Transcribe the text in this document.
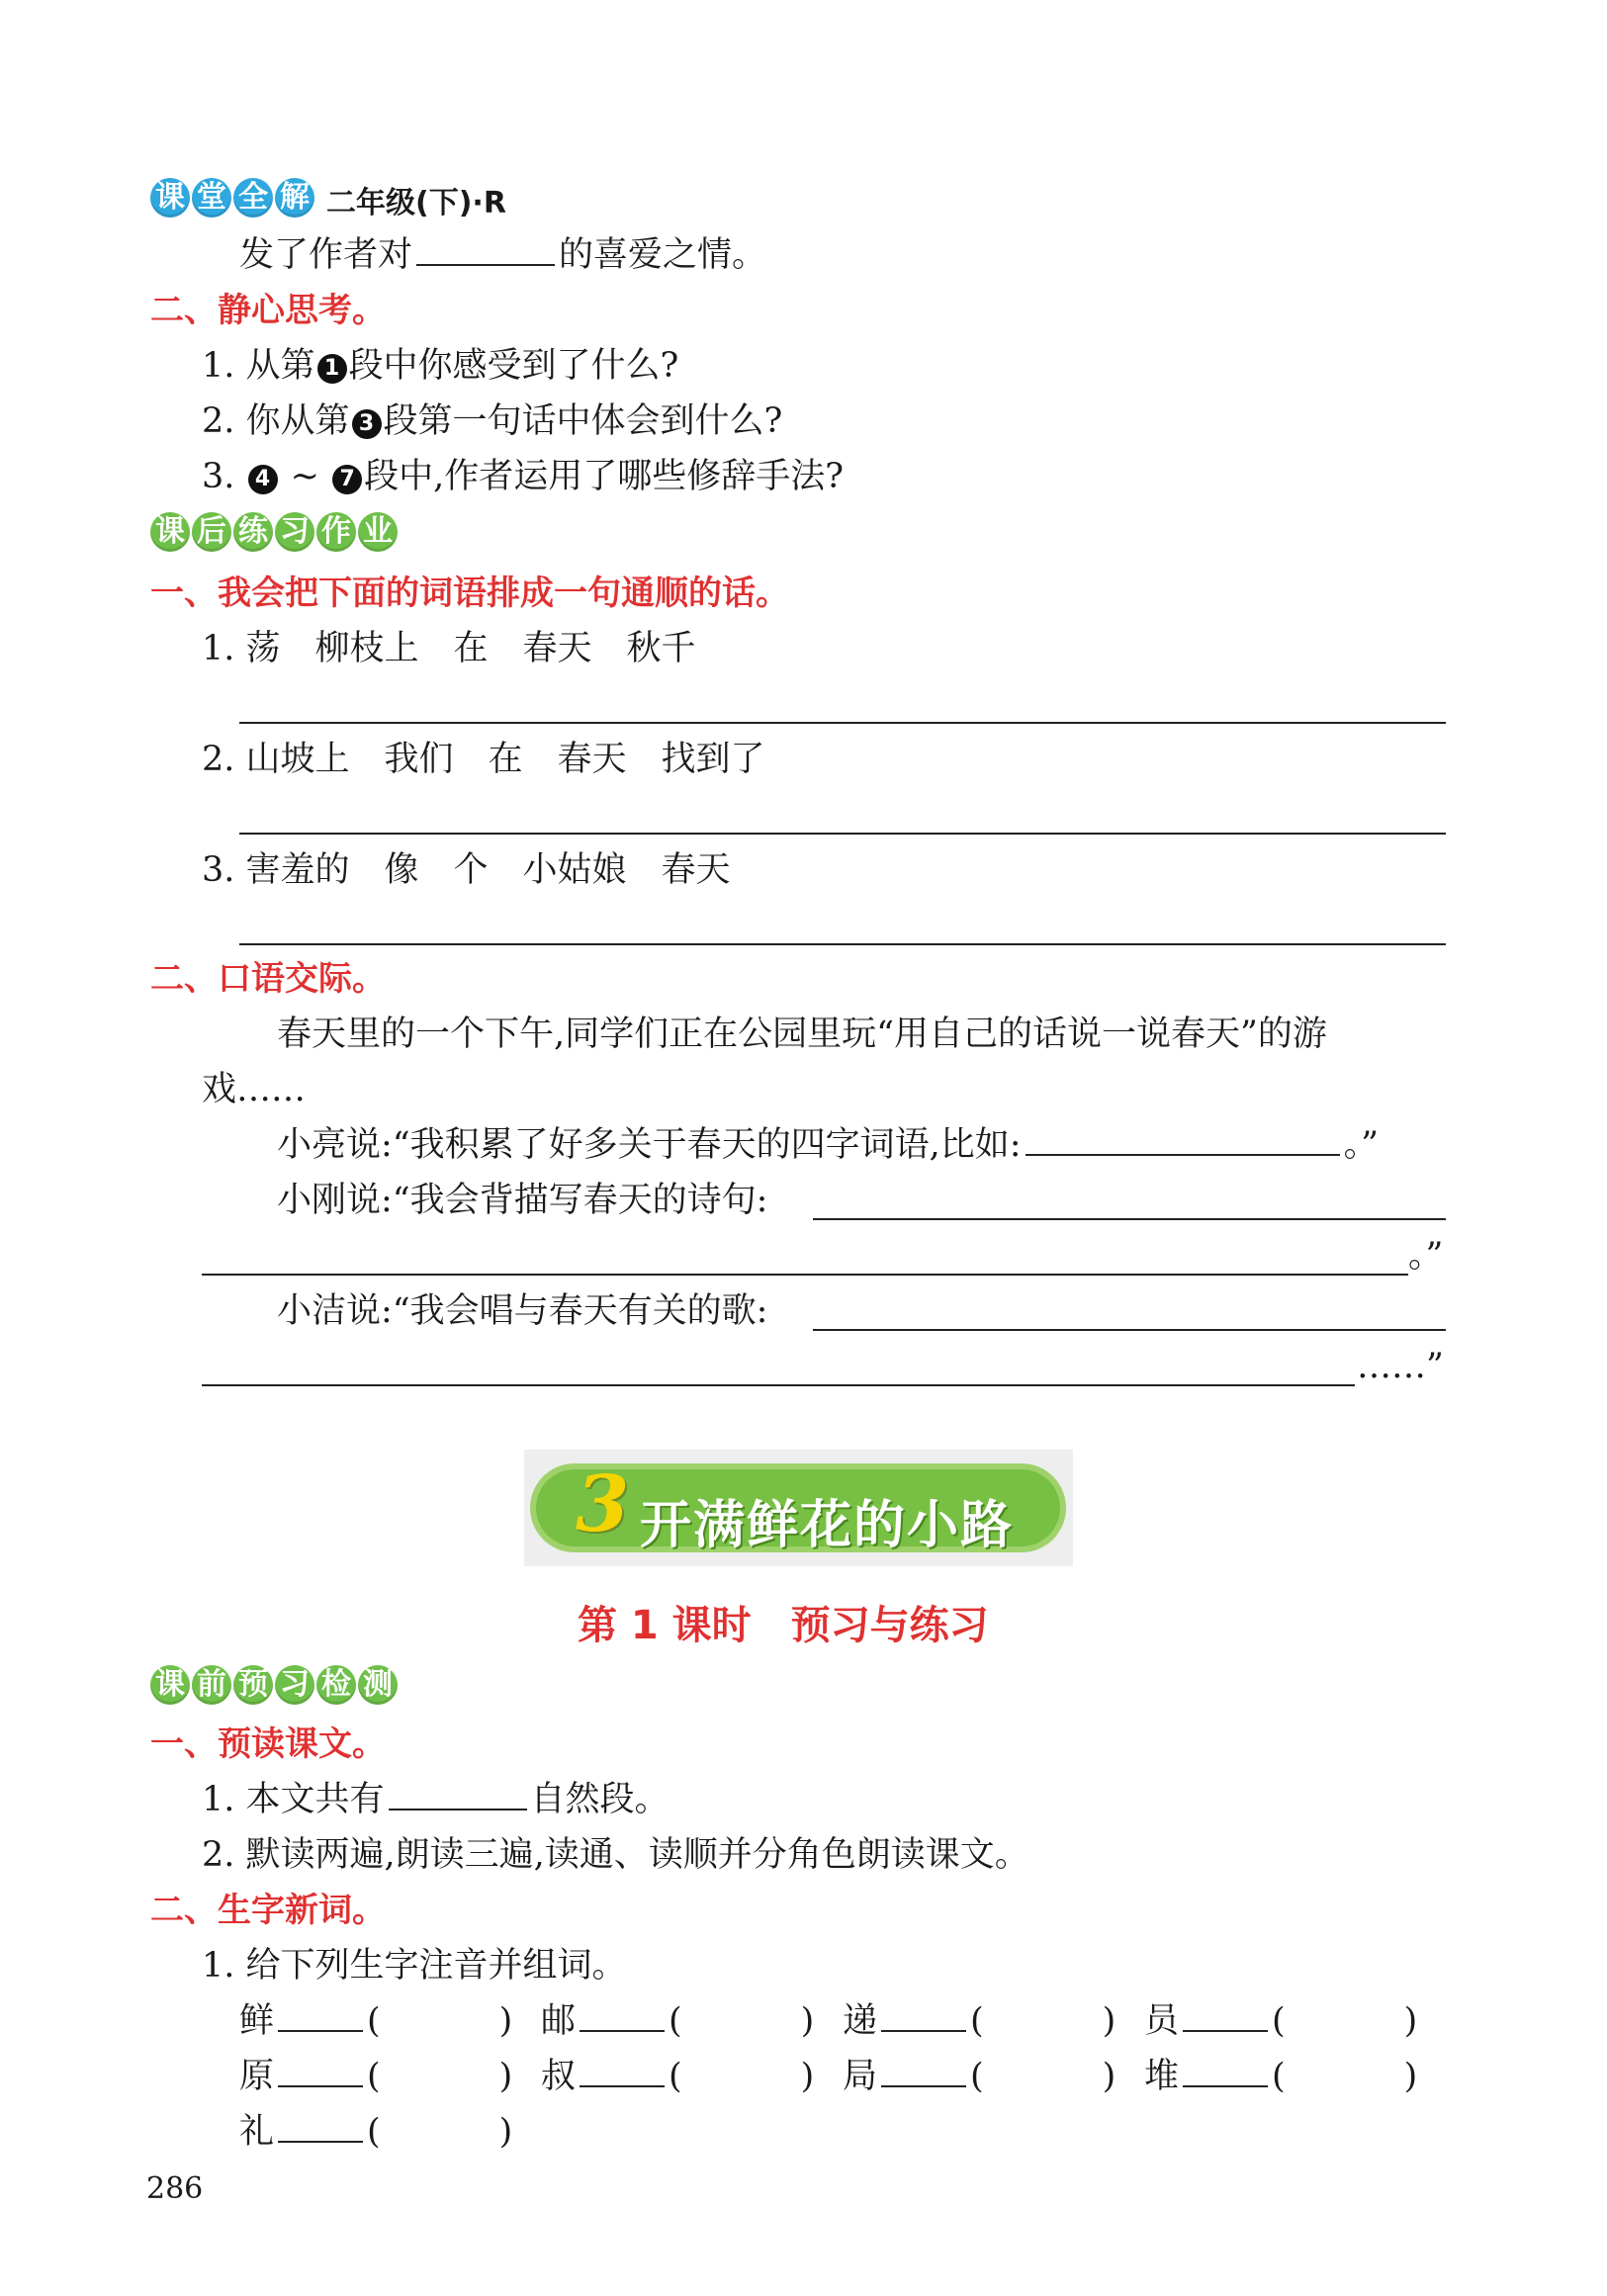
课 堂 全 解 二年级(下)·R
发了作者对	的喜爱之情。
二、静心思考。
1. 从第 1 段中你感受到了什么?
2. 你从第 3 段第一句话中体会到什么?
3. 4 ~ 7 段中,作者运用了哪些修辞手法?
课 后 练 习 作 业
一、我会把下面的词语排成一句通顺的话。
1. 荡　柳枝上　在　春天　秋千
2. 山坡上　我们　在　春天　找到了
3. 害羞的　像　个　小姑娘　春天
二、口语交际。
春天里的一个下午,同学们正在公园里玩“用自己的话说一说春天”的游
戏……
小亮说:“我积累了好多关于春天的四字词语,比如:	。”
小刚说:“我会背描写春天的诗句:
。”
小洁说:“我会唱与春天有关的歌:
……”
3 开满鲜花的小路
第 1 课时　预习与练习
课 前 预 习 检 测
一、预读课文。
1. 本文共有	自然段。
2. 默读两遍,朗读三遍,读通、读顺并分角色朗读课文。
二、生字新词。
1. 给下列生字注音并组词。
鲜	(	) 邮	(	) 递	(	) 员	(	)
原	(	) 叔	(	) 局	(	) 堆	(	)
礼	(	)
286
